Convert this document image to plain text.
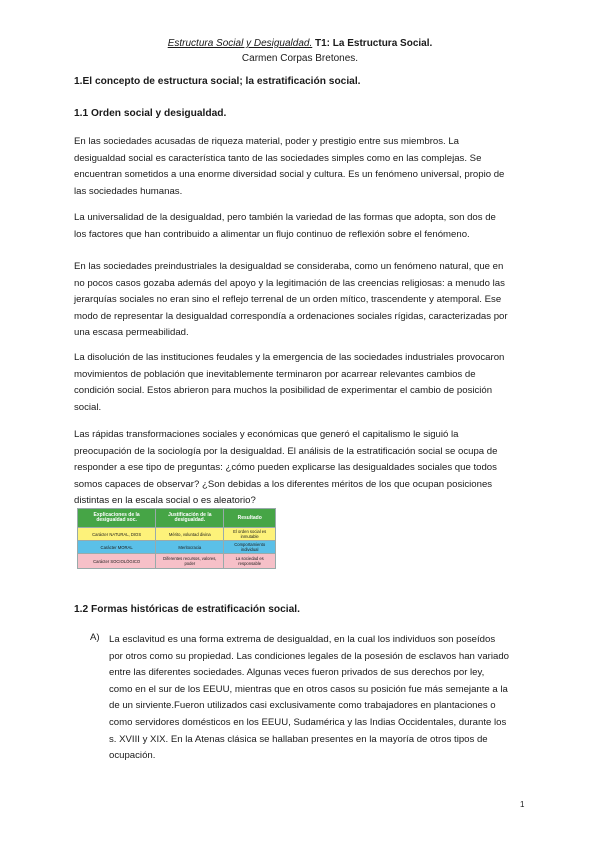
Estructura Social y Desigualdad. T1: La Estructura Social.
Carmen Corpas Bretones.
1.El concepto de estructura social; la estratificación social.
1.1 Orden social y desigualdad.
En las sociedades acusadas de riqueza material, poder y prestigio entre sus miembros. La
desigualdad social es característica tanto de las sociedades simples como en las complejas. Se
encuentran sometidos a una enorme diversidad social y cultura. Es un fenómeno universal, propio de
las sociedades humanas.
La universalidad de la desigualdad, pero también la variedad de las formas que adopta, son dos de
los factores que han contribuido a alimentar un flujo continuo de reflexión sobre el fenómeno.
En las sociedades preindustriales la desigualdad se consideraba, como un fenómeno natural, que en
no pocos casos gozaba además del apoyo y la legitimación de las creencias religiosas: a menudo las
jerarquías sociales no eran sino el reflejo terrenal de un orden mítico, trascendente y atemporal. Ese
modo de representar la desigualdad correspondía a ordenaciones sociales rígidas, caracterizadas por
una escasa permeabilidad.
La disolución de las instituciones feudales y la emergencia de las sociedades industriales provocaron
movimientos de población que inevitablemente terminaron por acarrear relevantes cambios de
condición social. Estos abrieron para muchos la posibilidad de experimentar el cambio de posición
social.
Las rápidas transformaciones sociales y económicas que generó el capitalismo le siguió la
preocupación de la sociología por la desigualdad. El análisis de la estratificación social se ocupa de
responder a ese tipo de preguntas: ¿cómo pueden explicarse las desigualdades sociales que todos
somos capaces de observar? ¿Son debidas a los diferentes méritos de los que ocupan posiciones
distintas en la escala social o es aleatorio?
Explicaciones de la desigualdad soc.	Justificación de la desigualdad.	Resultado
Carácter NATURAL, DIOS	Mérito, voluntad divina	El orden social es inmutable
Carácter MORAL	Meritocracia	Comportamiento individual
Carácter SOCIOLÓGICO	Diferentes recursos, valores, poder	La sociedad es responsable
1.2 Formas históricas de estratificación social.
A) La esclavitud es una forma extrema de desigualdad, en la cual los individuos son poseídos
por otros como su propiedad. Las condiciones legales de la posesión de esclavos han variado
entre las diferentes sociedades. Algunas veces fueron privados de sus derechos por ley,
como en el sur de los EEUU, mientras que en otros casos su posición fue más semejante a la
de un sirviente.Fueron utilizados casi exclusivamente como trabajadores en plantaciones o
como servidores domésticos en los EEUU, Sudamérica y las Indias Occidentales, durante los
s. XVIII y XIX. En la Atenas clásica se hallaban presentes en la mayoría de otros tipos de
ocupación.
1
